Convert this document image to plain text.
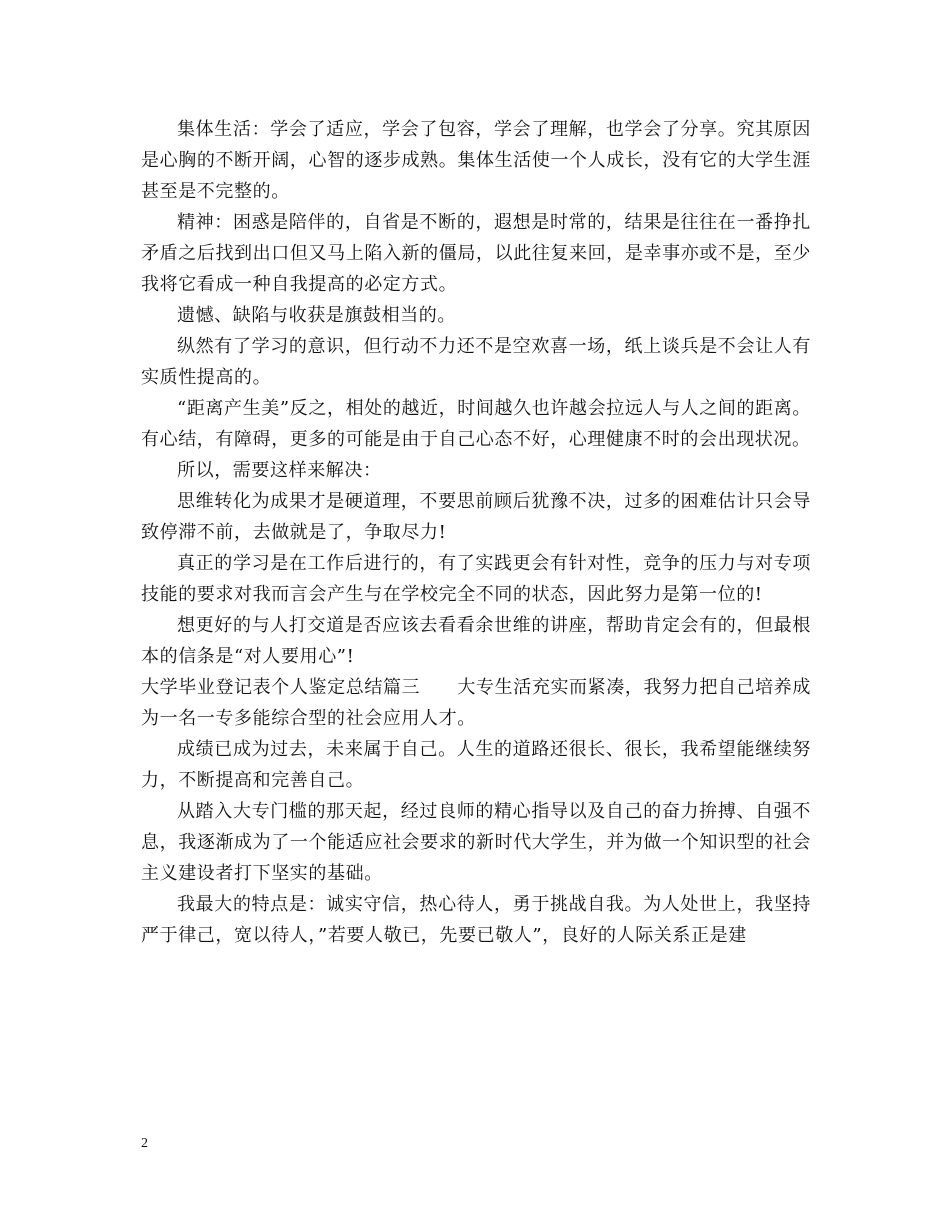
集体生活：学会了适应，学会了包容，学会了理解，也学会了分享。究其原因是心胸的不断开阔，心智的逐步成熟。集体生活使一个人成长，没有它的大学生涯甚至是不完整的。

精神：困惑是陪伴的，自省是不断的，遐想是时常的，结果是往往在一番挣扎矛盾之后找到出口但又马上陷入新的僵局，以此往复来回，是幸事亦或不是，至少我将它看成一种自我提高的必定方式。

遗憾、缺陷与收获是旗鼓相当的。

纵然有了学习的意识，但行动不力还不是空欢喜一场，纸上谈兵是不会让人有实质性提高的。

“距离产生美”反之，相处的越近，时间越久也许越会拉远人与人之间的距离。有心结，有障碍，更多的可能是由于自己心态不好，心理健康不时的会出现状况。

所以，需要这样来解决：

思维转化为成果才是硬道理，不要思前顾后犹豫不决，过多的困难估计只会导致停滞不前，去做就是了，争取尽力!

真正的学习是在工作后进行的，有了实践更会有针对性，竞争的压力与对专项技能的要求对我而言会产生与在学校完全不同的状态，因此努力是第一位的!

想更好的与人打交道是否应该去看看余世维的讲座，帮助肯定会有的，但最根本的信条是“对人要用心”!

大学毕业登记表个人鉴定总结篇三　　大专生活充实而紧凑，我努力把自己培养成为一名一专多能综合型的社会应用人才。

成绩已成为过去，未来属于自己。人生的道路还很长、很长，我希望能继续努力，不断提高和完善自己。

从踏入大专门槛的那天起，经过良师的精心指导以及自己的奋力拚搏、自强不息，我逐渐成为了一个能适应社会要求的新时代大学生，并为做一个知识型的社会主义建设者打下坚实的基础。

我最大的特点是：诚实守信，热心待人，勇于挑战自我。为人处世上，我坚持严于律己，宽以待人，”若要人敬已，先要已敬人”，良好的人际关系正是建

2
